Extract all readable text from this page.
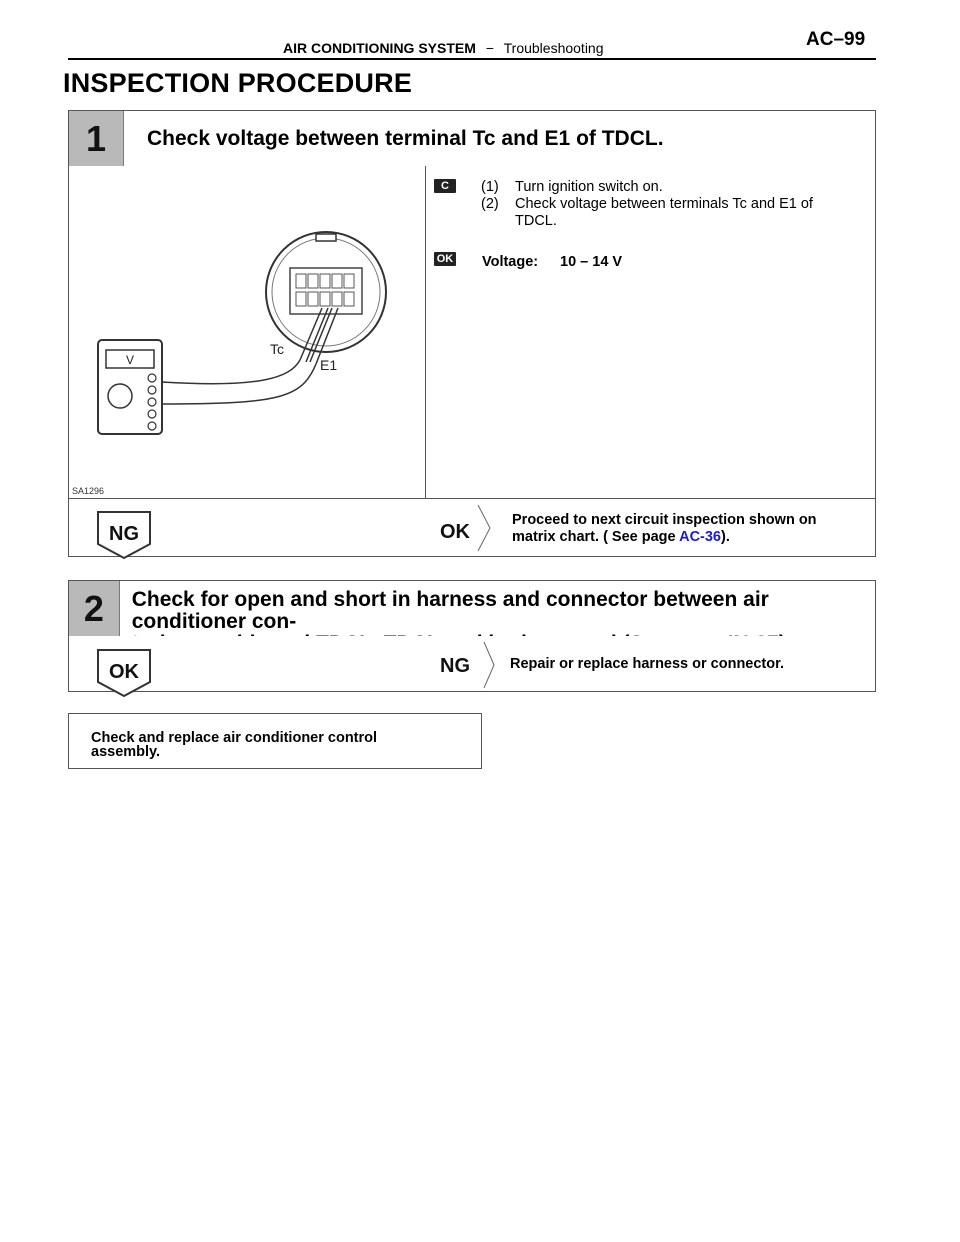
AIR CONDITIONING SYSTEM − Troubleshooting	AC–99
INSPECTION PROCEDURE
1	Check voltage between terminal Tc and E1 of TDCL.
C	(1) Turn ignition switch on.
(2) Check voltage between terminals Tc and E1 of
TDCL.
OK Voltage: 10 – 14 V
Tc
E1
V
SA1296
NG	OK
Proceed to next circuit inspection shown on
matrix chart. ( See page AC-36).
2	Check for open and short in harness and connector between air conditioner con-
OK	NG	Repair or replace harness or connector.
Check and replace air conditioner control
assembly.
